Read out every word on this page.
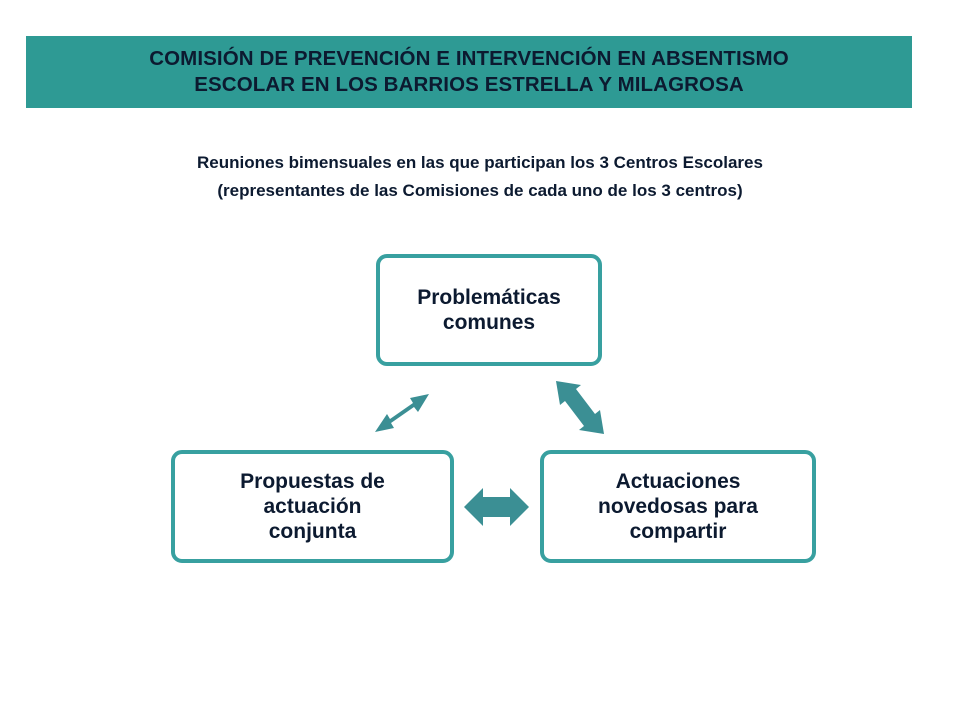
COMISIÓN DE PREVENCIÓN E INTERVENCIÓN EN ABSENTISMO
ESCOLAR EN LOS BARRIOS ESTRELLA Y MILAGROSA
Reuniones bimensuales en las que participan los 3 Centros Escolares
(representantes de las Comisiones de cada uno de los 3 centros)
Problemáticas
comunes
Propuestas de
actuación
conjunta
Actuaciones
novedosas para
compartir
